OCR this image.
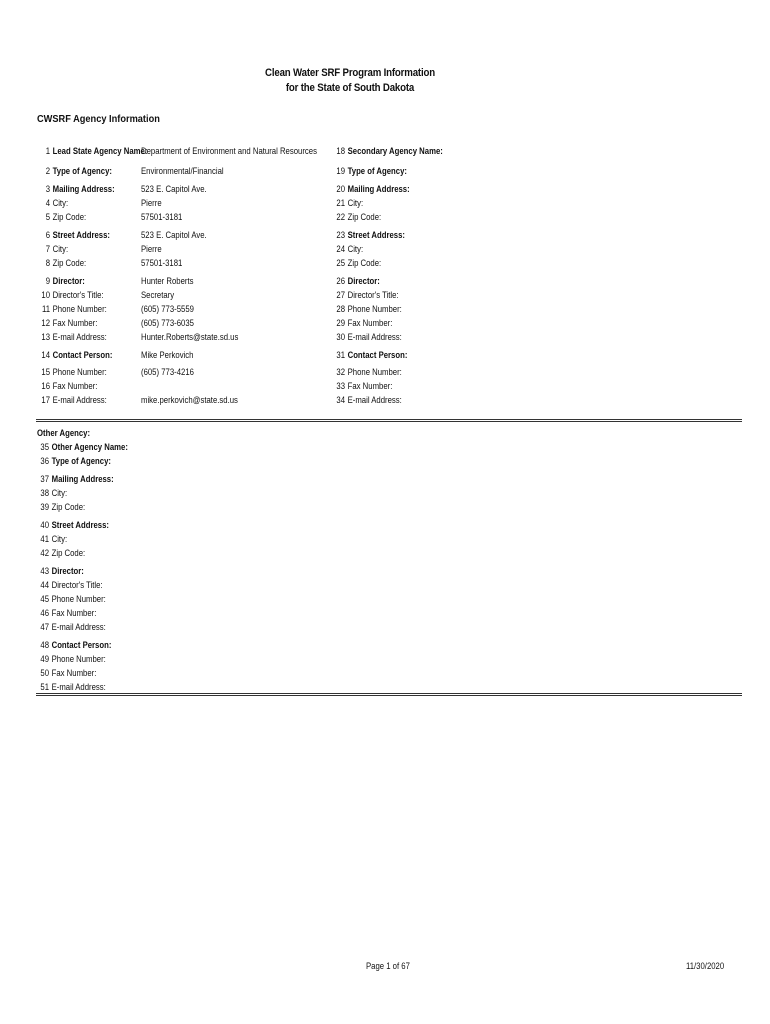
Clean Water SRF Program Information
for the State of South Dakota
CWSRF Agency Information
1 Lead State Agency Name:
Department of Environment and Natural Resources
2 Type of Agency:	Environmental/Financial
3 Mailing Address:	523 E. Capitol Ave.
4 City:	Pierre
5 Zip Code:	57501-3181
6 Street Address:	523 E. Capitol Ave.
7 City:	Pierre
8 Zip Code:	57501-3181
9 Director:	Hunter Roberts
10 Director's Title:	Secretary
11 Phone Number:	(605) 773-5559
12 Fax Number:	(605) 773-6035
13 E-mail Address:	Hunter.Roberts@state.sd.us
14 Contact Person:	Mike Perkovich
15 Phone Number:	(605) 773-4216
16 Fax Number:
17 E-mail Address:	mike.perkovich@state.sd.us
18 Secondary Agency Name:
19 Type of Agency:
20 Mailing Address:
21 City:
22 Zip Code:
23 Street Address:
24 City:
25 Zip Code:
26 Director:
27 Director's Title:
28 Phone Number:
29 Fax Number:
30 E-mail Address:
31 Contact Person:
32 Phone Number:
33 Fax Number:
34 E-mail Address:
Other Agency:
35 Other Agency Name:
36 Type of Agency:
37 Mailing Address:
38 City:
39 Zip Code:
40 Street Address:
41 City:
42 Zip Code:
43 Director:
44 Director's Title:
45 Phone Number:
46 Fax Number:
47 E-mail Address:
48 Contact Person:
49 Phone Number:
50 Fax Number:
51 E-mail Address:
Page 1 of 67	11/30/2020
